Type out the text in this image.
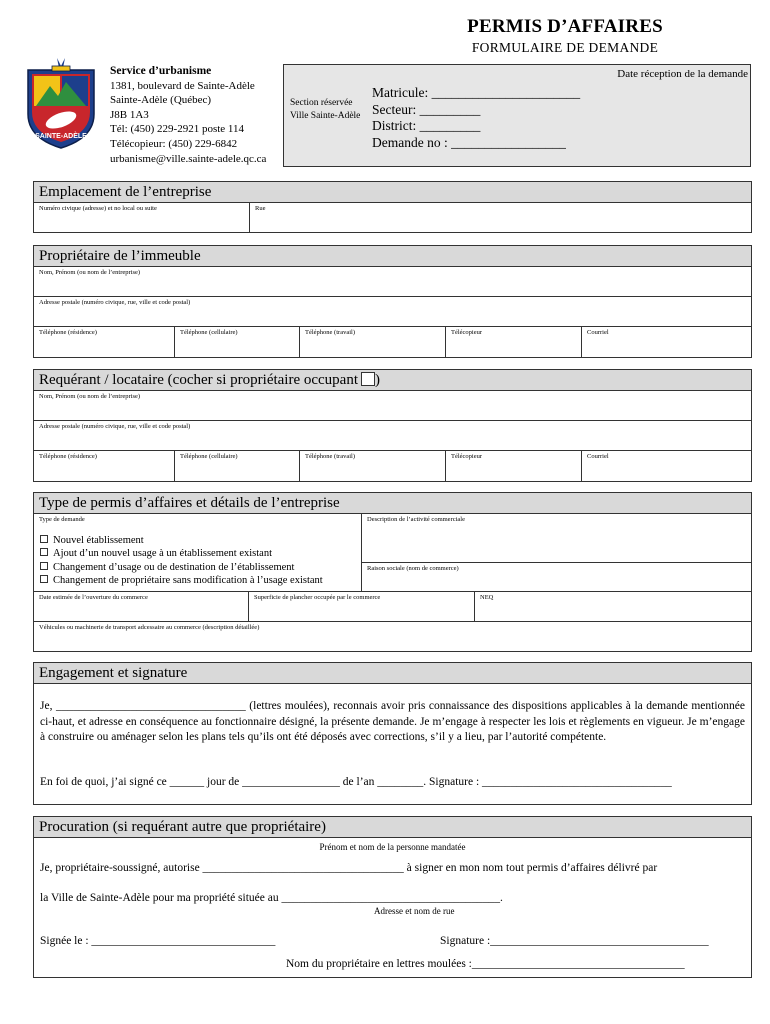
PERMIS D’AFFAIRES
FORMULAIRE DE DEMANDE
SAINTE-ADÈLE
Service d’urbanisme
1381, boulevard de Sainte-Adèle
Sainte-Adèle (Québec)
J8B 1A3
Tél: (450) 229-2921 poste 114
Télécopieur: (450) 229-6842
urbanisme@ville.sainte-adele.qc.ca
Date réception de la demande
Section réservée
Ville Sainte-Adèle
Matricule: ______________________
Secteur: _________
District: _________
Demande no : _________________
Emplacement de l’entreprise
Numéro civique (adresse) et no local ou suite	Rue
Propriétaire de l’immeuble
Nom, Prénom (ou nom de l’entreprise)
Adresse postale (numéro civique, rue, ville et code postal)
Téléphone (résidence)	Téléphone (cellulaire)	Téléphone (travail)	Télécopieur	Courriel
Requérant / locataire (cocher si propriétaire occupant )
Nom, Prénom (ou nom de l’entreprise)
Adresse postale (numéro civique, rue, ville et code postal)
Téléphone (résidence)	Téléphone (cellulaire)	Téléphone (travail)	Télécopieur	Courriel
Type de permis d’affaires et détails de l’entreprise
Type de demande
Nouvel établissement
Ajout d’un nouvel usage à un établissement existant
Changement d’usage ou de destination de l’établissement
Changement de propriétaire sans modification à l’usage existant
Description de l’activité commerciale
Raison sociale (nom de commerce)
Date estimée de l’ouverture du commerce	Superficie de plancher occupée par le commerce	NEQ
Véhicules ou machinerie de transport adcessaire au commerce (description détaillée)
Engagement et signature
Je, _________________________________ (lettres moulées), reconnais avoir pris connaissance des dispositions applicables à la demande mentionnée ci-haut, et adresse en conséquence au fonctionnaire désigné, la présente demande. Je m’engage à respecter les lois et règlements en vigueur. Je m’engage à construire ou aménager selon les plans tels qu’ils ont été déposés avec corrections, s’il y a lieu, par l’autorité compétente.
En foi de quoi, j’ai signé ce ______ jour de _________________ de l’an ________. Signature : _________________________________
Procuration (si requérant autre que propriétaire)
Prénom et nom de la personne mandatée
Je, propriétaire-soussigné, autorise ___________________________________ à signer en mon nom tout permis d’affaires délivré par
la Ville de Sainte-Adèle pour ma propriété située au ______________________________________.
Adresse et nom de rue
Signée le : ________________________________	Signature :______________________________________
Nom du propriétaire en lettres moulées :_____________________________________
